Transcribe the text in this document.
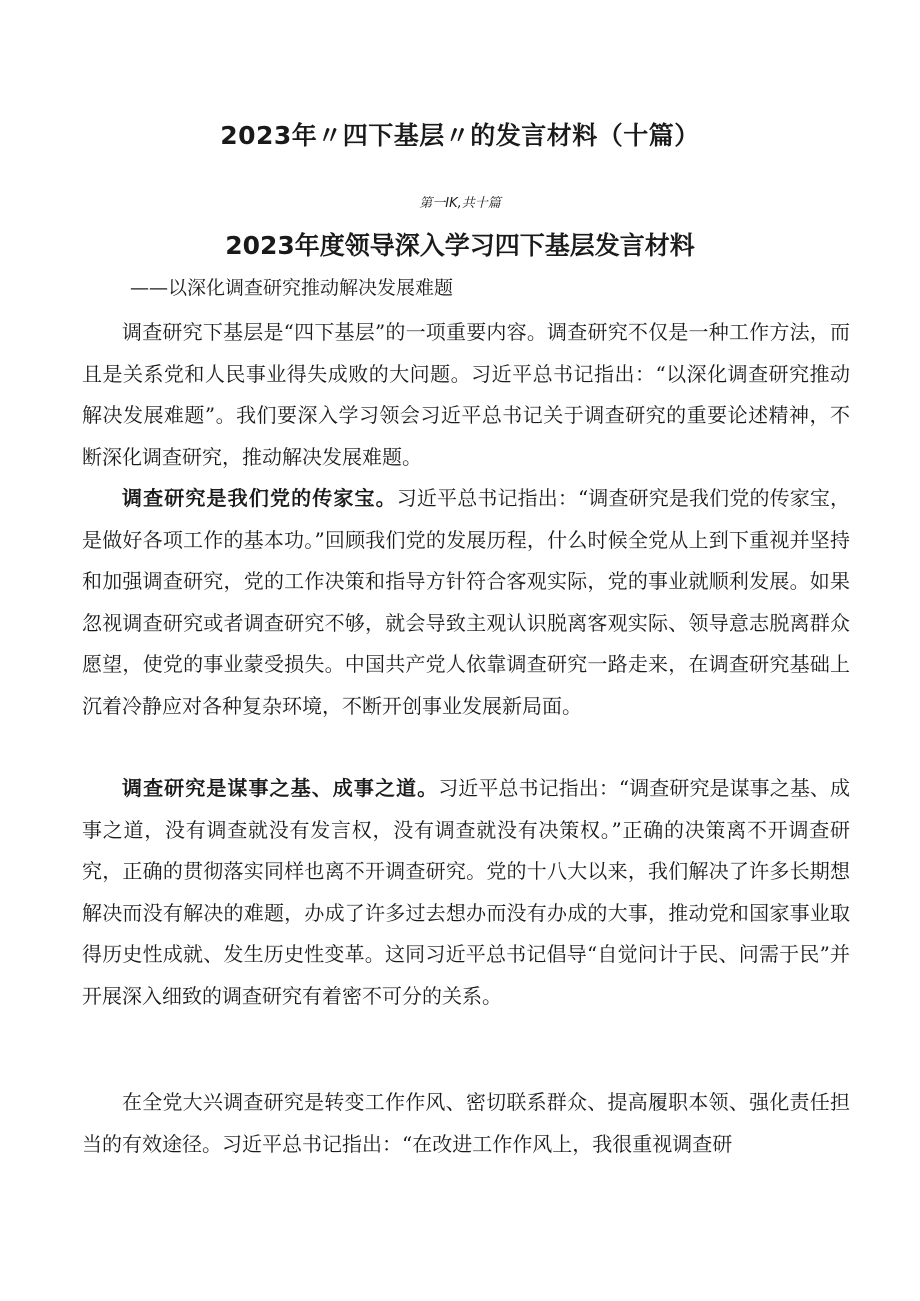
2023年〃四下基层〃的发言材料（十篇）

第一IK,共十篇

2023年度领导深入学习四下基层发言材料

——以深化调查研究推动解决发展难题

调查研究下基层是“四下基层”的一项重要内容。调查研究不仅是一种工作方法，而且是关系党和人民事业得失成败的大问题。习近平总书记指出：“以深化调查研究推动解决发展难题”。我们要深入学习领会习近平总书记关于调查研究的重要论述精神，不断深化调查研究，推动解决发展难题。

调查研究是我们党的传家宝。习近平总书记指出：“调查研究是我们党的传家宝，是做好各项工作的基本功。”回顾我们党的发展历程，什么时候全党从上到下重视并坚持和加强调查研究，党的工作决策和指导方针符合客观实际，党的事业就顺利发展。如果忽视调查研究或者调查研究不够，就会导致主观认识脱离客观实际、领导意志脱离群众愿望，使党的事业蒙受损失。中国共产党人依靠调查研究一路走来，在调查研究基础上沉着冷静应对各种复杂环境，不断开创事业发展新局面。

调查研究是谋事之基、成事之道。习近平总书记指出：“调查研究是谋事之基、成事之道，没有调查就没有发言权，没有调查就没有决策权。”正确的决策离不开调查研究，正确的贯彻落实同样也离不开调查研究。党的十八大以来，我们解决了许多长期想解决而没有解决的难题，办成了许多过去想办而没有办成的大事，推动党和国家事业取得历史性成就、发生历史性变革。这同习近平总书记倡导“自觉问计于民、问需于民”并开展深入细致的调查研究有着密不可分的关系。

在全党大兴调查研究是转变工作作风、密切联系群众、提高履职本领、强化责任担当的有效途径。习近平总书记指出：“在改进工作作风上，我很重视调查研
